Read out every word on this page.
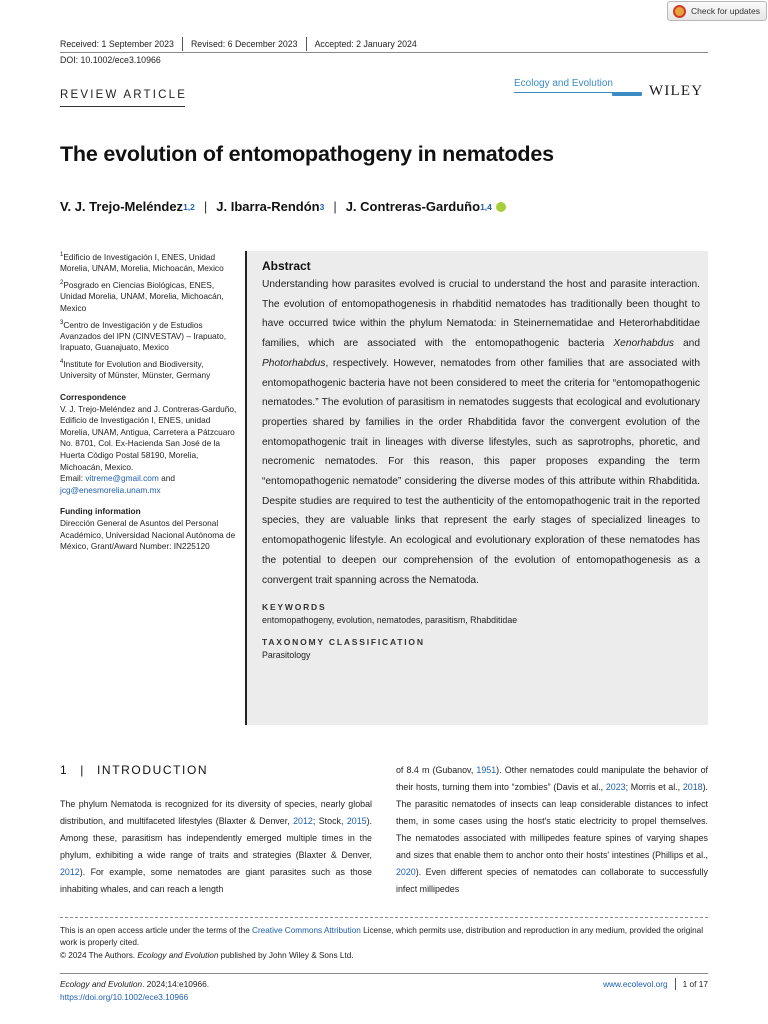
Check for updates
Received: 1 September 2023 Revised: 6 December 2023 Accepted: 2 January 2024
DOI: 10.1002/ece3.10966
Ecology and Evolution WILEY
REVIEW ARTICLE
The evolution of entomopathogeny in nematodes
V. J. Trejo-Meléndez$^{1,2}$ | J. Ibarra-Rendón$^3$ | J. Contreras-Garduño$^{1,4}$
$^1$Edificio de Investigación I, ENES, Unidad Morelia, UNAM, Morelia, Michoacán, Mexico
$^2$Posgrado en Ciencias Biológicas, ENES, Unidad Morelia, UNAM, Morelia, Michoacán, Mexico
$^3$Centro de Investigación y de Estudios Avanzados del IPN (CINVESTAV) – Irapuato, Irapuato, Guanajuato, Mexico
$^4$Institute for Evolution and Biodiversity, University of Münster, Münster, Germany
Correspondence

V. J. Trejo-Meléndez and J. Contreras-Garduño, Edificio de Investigación I, ENES, unidad Morelia, UNAM, Antigua, Carretera a Pátzcuaro No. 8701, Col. Ex-Hacienda San José de la Huerta Código Postal 58190, Morelia, Michoacán, Mexico.

Email: vitreme@gmail.com and jcg@enesmorelia.unam.mx

Funding information

Dirección General de Asuntos del Personal Académico, Universidad Nacional Autónoma de México, Grant/Award Number: IN225120

Abstract

Understanding how parasites evolved is crucial to understand the host and parasite interaction. The evolution of entomopathogenesis in rhabditid nematodes has traditionally been thought to have occurred twice within the phylum Nematoda: in Steinernematidae and Heterorhabditidae families, which are associated with the entomopathogenic bacteria Xenorhabdus and Photorhabdus, respectively. However, nematodes from other families that are associated with entomopathogenic bacteria have not been considered to meet the criteria for “entomopathogenic nematodes.” The evolution of parasitism in nematodes suggests that ecological and evolutionary properties shared by families in the order Rhabditida favor the convergent evolution of the entomopathogenic trait in lineages with diverse lifestyles, such as saprotrophs, phoretic, and necromenic nematodes. For this reason, this paper proposes expanding the term “entomopathogenic nematode” considering the diverse modes of this attribute within Rhabditida. Despite studies are required to test the authenticity of the entomopathogenic trait in the reported species, they are valuable links that represent the early stages of specialized lineages to entomopathogenic lifestyle. An ecological and evolutionary exploration of these nematodes has the potential to deepen our comprehension of the evolution of entomopathogenesis as a convergent trait spanning across the Nematoda.

KEYWORDS
entomopathogeny, evolution, nematodes, parasitism, Rhabditidae
TAXONOMY CLASSIFICATION
Parasitology
1 | INTRODUCTION

The phylum Nematoda is recognized for its diversity of species, nearly global distribution, and multifaceted lifestyles (Blaxter & Denver, 2012; Stock, 2015). Among these, parasitism has independently emerged multiple times in the phylum, exhibiting a wide range of traits and strategies (Blaxter & Denver, 2012). For example, some nematodes are giant parasites such as those inhabiting whales, and can reach a length

of 8.4 m (Gubanov, 1951). Other nematodes could manipulate the behavior of their hosts, turning them into “zombies” (Davis et al., 2023; Morris et al., 2018). The parasitic nematodes of insects can leap considerable distances to infect them, in some cases using the host's static electricity to propel themselves. The nematodes associated with millipedes feature spines of varying shapes and sizes that enable them to anchor onto their hosts' intestines (Phillips et al., 2020). Even different species of nematodes can collaborate to successfully infect millipedes

This is an open access article under the terms of the Creative Commons Attribution License, which permits use, distribution and reproduction in any medium, provided the original work is properly cited.
© 2024 The Authors. Ecology and Evolution published by John Wiley & Sons Ltd.
Ecology and Evolution. 2024;14:e10966.
https://doi.org/10.1002/ece3.10966
www.ecolevol.org 1 of 17
